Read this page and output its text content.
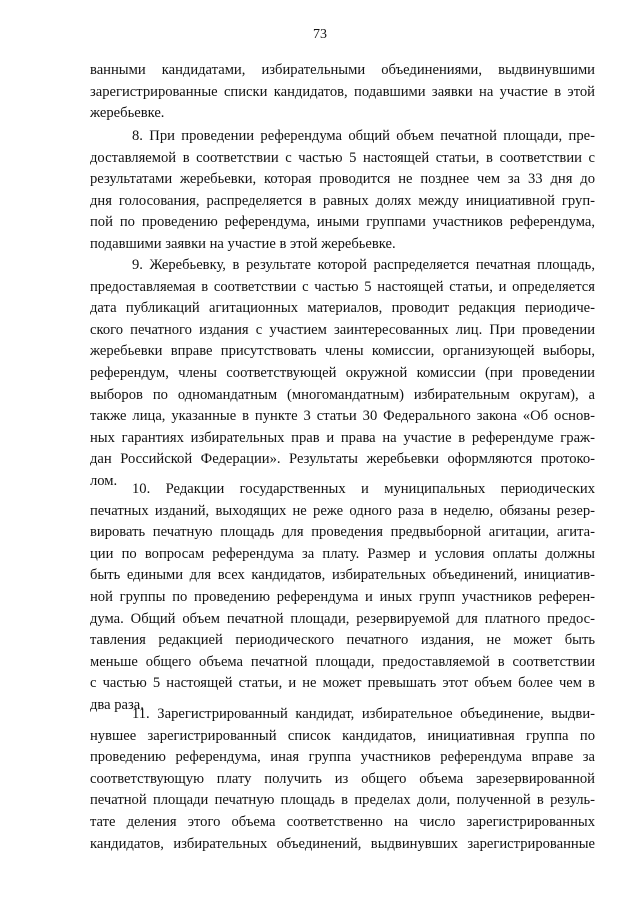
73
ванными кандидатами, избирательными объединениями, выдвинувшими
зарегистрированные списки кандидатов, подавшими заявки на участие в этой
жеребьевке.
8. При проведении референдума общий объем печатной площади, пре-
доставляемой в соответствии с частью 5 настоящей статьи, в соответствии с
результатами жеребьевки, которая проводится не позднее чем за 33 дня до
дня голосования, распределяется в равных долях между инициативной груп-
пой по проведению референдума, иными группами участников референдума,
подавшими заявки на участие в этой жеребьевке.
9. Жеребьевку, в результате которой распределяется печатная площадь,
предоставляемая в соответствии с частью 5 настоящей статьи, и определяется
дата публикаций агитационных материалов, проводит редакция периодиче-
ского печатного издания с участием заинтересованных лиц. При проведении
жеребьевки вправе присутствовать члены комиссии, организующей выборы,
референдум, члены соответствующей окружной комиссии (при проведении
выборов по одномандатным (многомандатным) избирательным округам), а
также лица, указанные в пункте 3 статьи 30 Федерального закона «Об основ-
ных гарантиях избирательных прав и права на участие в референдуме граж-
дан Российской Федерации». Результаты жеребьевки оформляются протоко-
лом.
10. Редакции государственных и муниципальных периодических
печатных изданий, выходящих не реже одного раза в неделю, обязаны резер-
вировать печатную площадь для проведения предвыборной агитации, агита-
ции по вопросам референдума за плату. Размер и условия оплаты должны
быть едиными для всех кандидатов, избирательных объединений, инициатив-
ной группы по проведению референдума и иных групп участников референ-
дума. Общий объем печатной площади, резервируемой для платного предос-
тавления редакцией периодического печатного издания, не может быть
меньше общего объема печатной площади, предоставляемой в соответствии
с частью 5 настоящей статьи, и не может превышать этот объем более чем в
два раза.
11. Зарегистрированный кандидат, избирательное объединение, выдви-
нувшее зарегистрированный список кандидатов, инициативная группа по
проведению референдума, иная группа участников референдума вправе за
соответствующую плату получить из общего объема зарезервированной
печатной площади печатную площадь в пределах доли, полученной в резуль-
тате деления этого объема соответственно на число зарегистрированных
кандидатов, избирательных объединений, выдвинувших зарегистрированные
